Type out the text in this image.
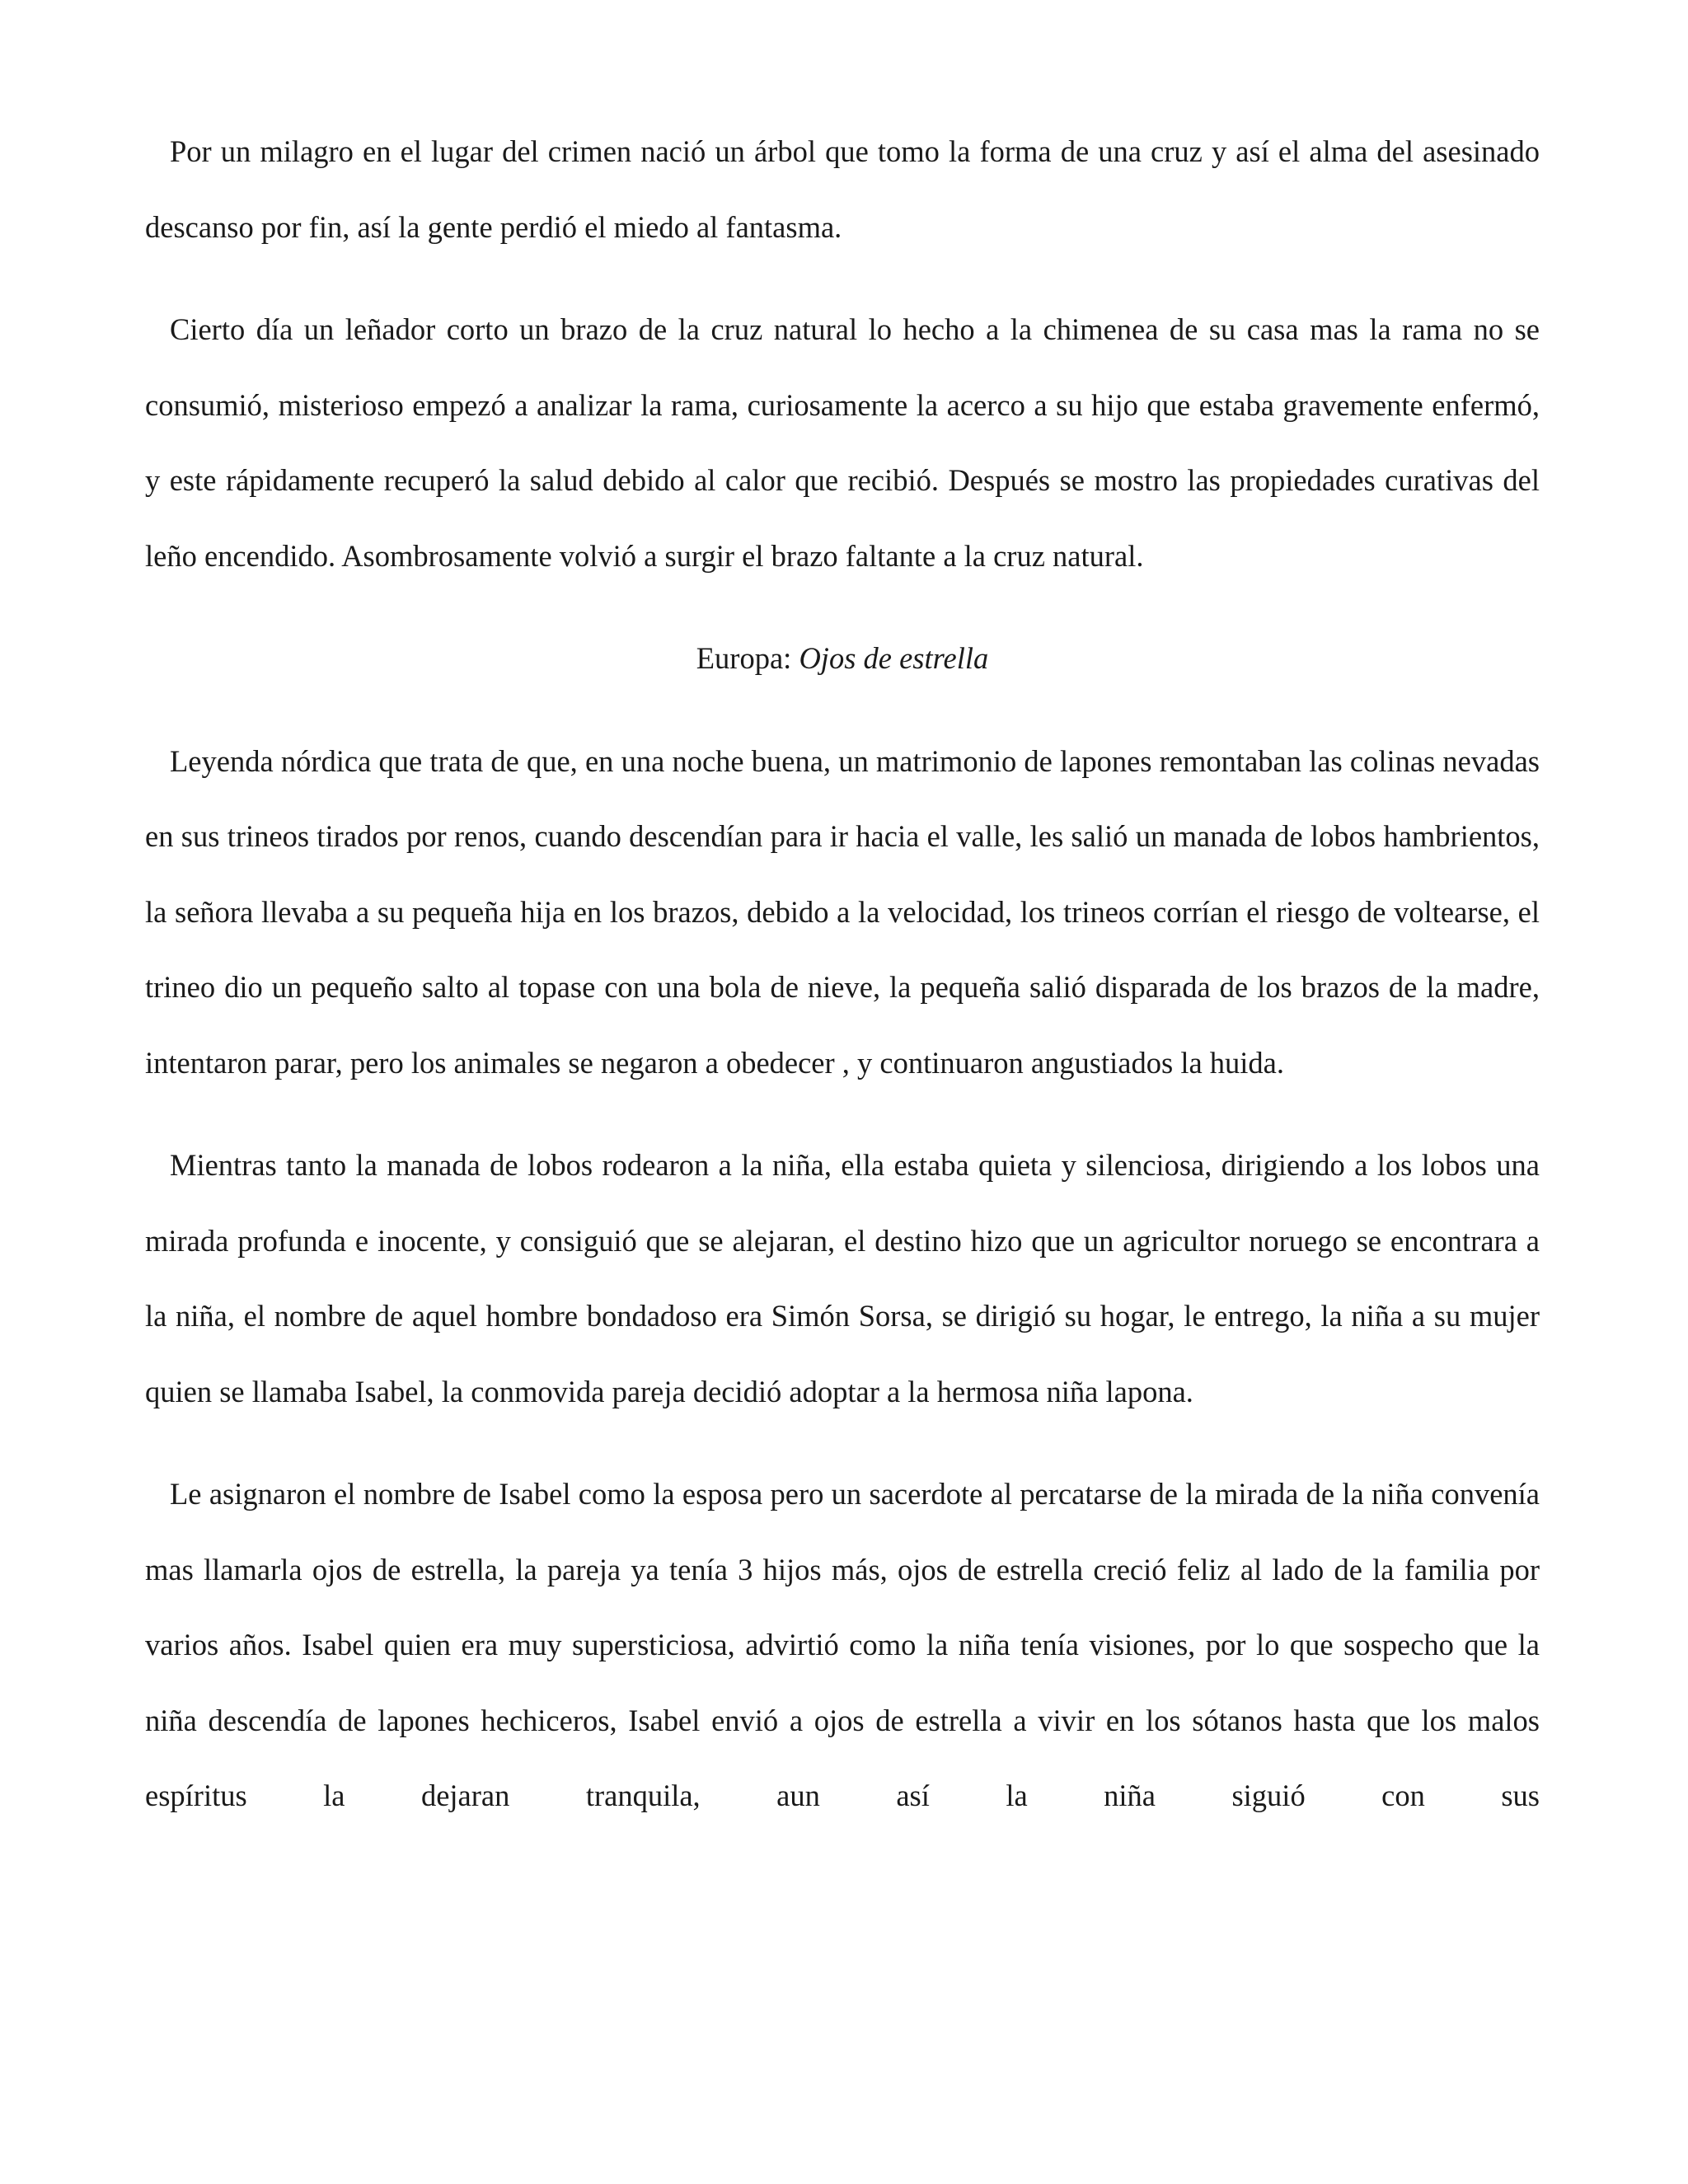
Por un milagro en el lugar del crimen nació un árbol que tomo la forma de una cruz y así el alma del asesinado descanso por fin, así la gente perdió el miedo al fantasma.

Cierto día un leñador corto un brazo de la cruz natural lo hecho a la chimenea de su casa mas la rama no se consumió, misterioso empezó a analizar la rama, curiosamente la acerco a su hijo que estaba gravemente enfermó, y este rápidamente recuperó la salud debido al calor que recibió. Después se mostro las propiedades curativas del leño encendido. Asombrosamente volvió a surgir el brazo faltante a la cruz natural.

Europa: Ojos de estrella

Leyenda nórdica que trata de que, en una noche buena, un matrimonio de lapones remontaban las colinas nevadas en sus trineos tirados por renos, cuando descendían para ir hacia el valle, les salió un manada de lobos hambrientos, la señora llevaba a su pequeña hija en los brazos, debido a la velocidad, los trineos corrían el riesgo de voltearse, el trineo dio un pequeño salto al topase con una bola de nieve, la pequeña salió disparada de los brazos de la madre, intentaron parar, pero los animales se negaron a obedecer , y continuaron angustiados la huida.

Mientras tanto la manada de lobos rodearon a la niña, ella estaba quieta y silenciosa, dirigiendo a los lobos una mirada profunda e inocente, y consiguió que se alejaran, el destino hizo que un agricultor noruego se encontrara a la niña, el nombre de aquel hombre bondadoso era Simón Sorsa, se dirigió su hogar, le entrego, la niña a su mujer quien se llamaba Isabel, la conmovida pareja decidió adoptar a la hermosa niña lapona.

Le asignaron el nombre de Isabel como la esposa pero un sacerdote al percatarse de la mirada de la niña convenía mas llamarla ojos de estrella, la pareja ya tenía 3 hijos más, ojos de estrella creció feliz al lado de la familia por varios años. Isabel quien era muy supersticiosa, advirtió como la niña tenía visiones, por lo que sospecho que la niña descendía de lapones hechiceros, Isabel envió a ojos de estrella a vivir en los sótanos hasta que los malos espíritus la dejaran tranquila, aun así la niña siguió con sus
